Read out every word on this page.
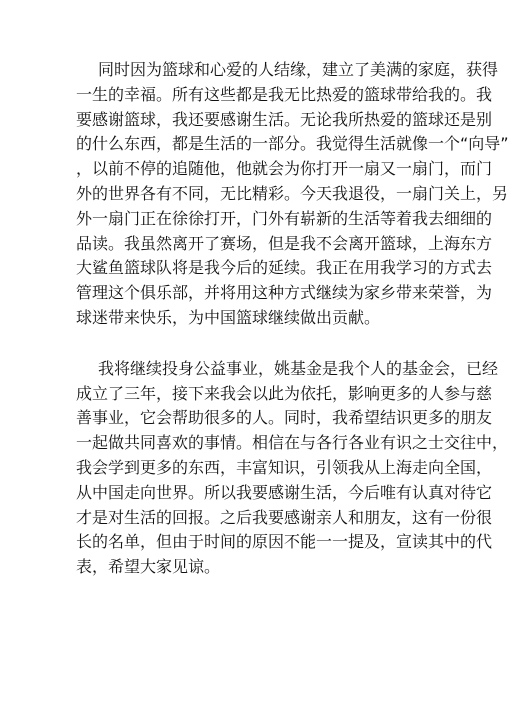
同时因为篮球和心爱的人结缘，建立了美满的家庭，获得
一生的幸福。所有这些都是我无比热爱的篮球带给我的。我
要感谢篮球，我还要感谢生活。无论我所热爱的篮球还是别
的什么东西，都是生活的一部分。我觉得生活就像一个“向导”
，以前不停的追随他，他就会为你打开一扇又一扇门，而门
外的世界各有不同，无比精彩。今天我退役，一扇门关上，另
外一扇门正在徐徐打开，门外有崭新的生活等着我去细细的
品读。我虽然离开了赛场，但是我不会离开篮球，上海东方
大鲨鱼篮球队将是我今后的延续。我正在用我学习的方式去
管理这个俱乐部，并将用这种方式继续为家乡带来荣誉，为
球迷带来快乐，为中国篮球继续做出贡献。

我将继续投身公益事业，姚基金是我个人的基金会，已经
成立了三年，接下来我会以此为依托，影响更多的人参与慈
善事业，它会帮助很多的人。同时，我希望结识更多的朋友
一起做共同喜欢的事情。相信在与各行各业有识之士交往中，
我会学到更多的东西，丰富知识，引领我从上海走向全国，
从中国走向世界。所以我要感谢生活，今后唯有认真对待它
才是对生活的回报。之后我要感谢亲人和朋友，这有一份很
长的名单，但由于时间的原因不能一一提及，宣读其中的代
表，希望大家见谅。
